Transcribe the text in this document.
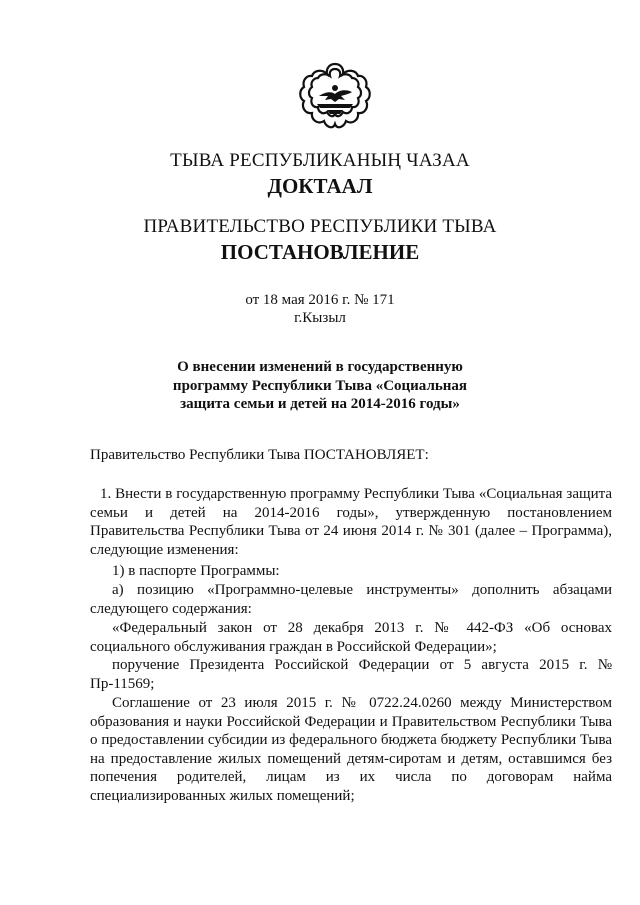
ТЫВА РЕСПУБЛИКАНЫҢ ЧАЗАА
ДОКТААЛ
ПРАВИТЕЛЬСТВО РЕСПУБЛИКИ ТЫВА
ПОСТАНОВЛЕНИЕ
от 18 мая 2016 г. № 171
г.Кызыл
О внесении изменений в государственную программу Республики Тыва «Социальная защита семьи и детей на 2014-2016 годы»
Правительство Республики Тыва ПОСТАНОВЛЯЕТ:
1. Внести в государственную программу Республики Тыва «Социальная защита семьи и детей на 2014-2016 годы», утвержденную постановлением Правительства Республики Тыва от 24 июня 2014 г. № 301 (далее – Программа), следующие изменения:
1) в паспорте Программы:
а) позицию «Программно-целевые инструменты» дополнить абзацами следующего содержания:
«Федеральный закон от 28 декабря 2013 г. № 442-ФЗ «Об основах социального обслуживания граждан в Российской Федерации»;
поручение Президента Российской Федерации от 5 августа 2015 г. № Пр-11569;
Соглашение от 23 июля 2015 г. № 0722.24.0260 между Министерством образования и науки Российской Федерации и Правительством Республики Тыва о предоставлении субсидии из федерального бюджета бюджету Республики Тыва на предоставление жилых помещений детям-сиротам и детям, оставшимся без попечения родителей, лицам из их числа по договорам найма специализированных жилых помещений;
